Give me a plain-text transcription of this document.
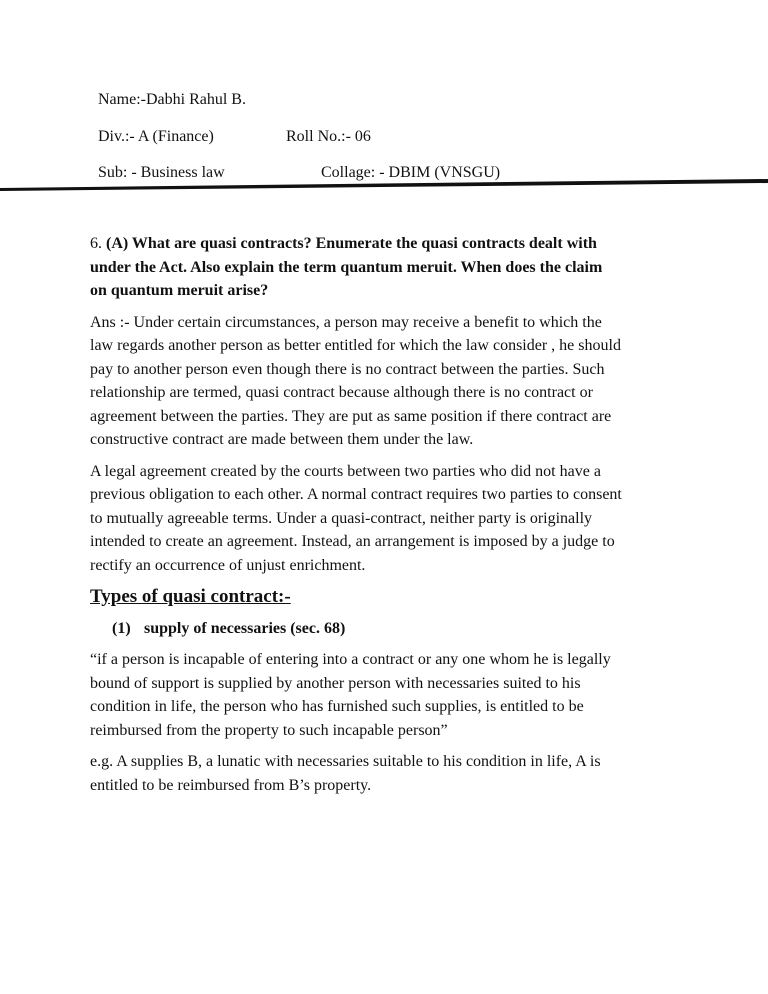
Name:-Dabhi Rahul B.
Div.:- A (Finance)	Roll No.:- 06
Sub: - Business law	Collage: - DBIM (VNSGU)

6. (A) What are quasi contracts? Enumerate the quasi contracts dealt with
under the Act. Also explain the term quantum meruit. When does the claim
on quantum meruit arise?

Ans :- Under certain circumstances, a person may receive a benefit to which the
law regards another person as better entitled for which the law consider , he should
pay to another person even though there is no contract between the parties. Such
relationship are termed, quasi contract because although there is no contract or
agreement between the parties. They are put as same position if there contract are
constructive contract are made between them under the law.

A legal agreement created by the courts between two parties who did not have a
previous obligation to each other. A normal contract requires two parties to consent
to mutually agreeable terms. Under a quasi-contract, neither party is originally
intended to create an agreement. Instead, an arrangement is imposed by a judge to
rectify an occurrence of unjust enrichment.

Types of quasi contract:-
(1) supply of necessaries (sec. 68)

“if a person is incapable of entering into a contract or any one whom he is legally
bound of support is supplied by another person with necessaries suited to his
condition in life, the person who has furnished such supplies, is entitled to be
reimbursed from the property to such incapable person”

e.g. A supplies B, a lunatic with necessaries suitable to his condition in life, A is
entitled to be reimbursed from B’s property.
